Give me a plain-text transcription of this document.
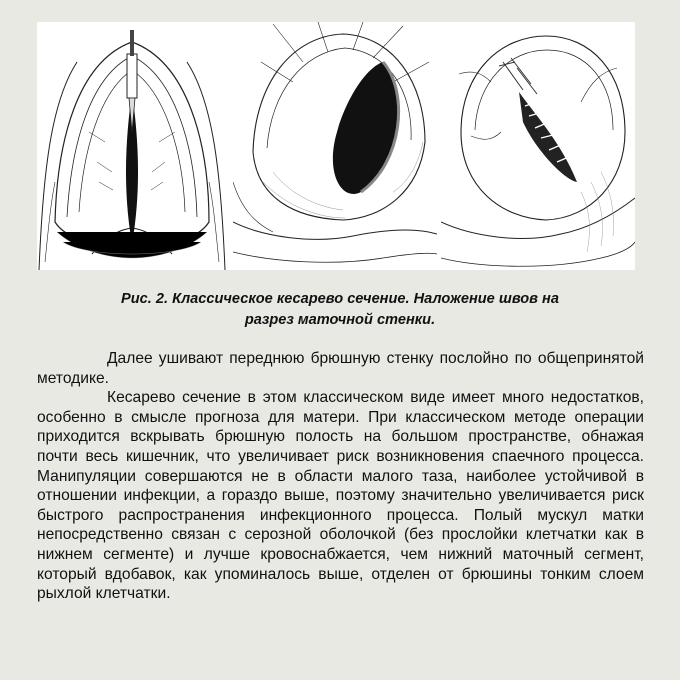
Рис. 2. Классическое кесарево сечение. Наложение швов на
разрез маточной стенки.

Далее ушивают переднюю брюшную стенку послойно по общепринятой методике.

Кесарево сечение в этом классическом виде имеет много недостатков, особенно в смысле прогноза для матери. При классическом методе операции приходится вскрывать брюшную полость на большом пространстве, обнажая почти весь кишечник, что увеличивает риск возникновения спаечного процесса. Манипуляции совершаются не в области малого таза, наиболее устойчивой в отношении инфекции, а гораздо выше, поэтому значительно увеличивается риск быстрого распространения инфекционного процесса. Полый мускул матки непосредственно связан с серозной оболочкой (без прослойки клетчатки как в нижнем сегменте) и лучше кровоснабжается, чем нижний маточный сегмент, который вдобавок, как упоминалось выше, отделен от брюшины тонким слоем рыхлой клетчатки.
